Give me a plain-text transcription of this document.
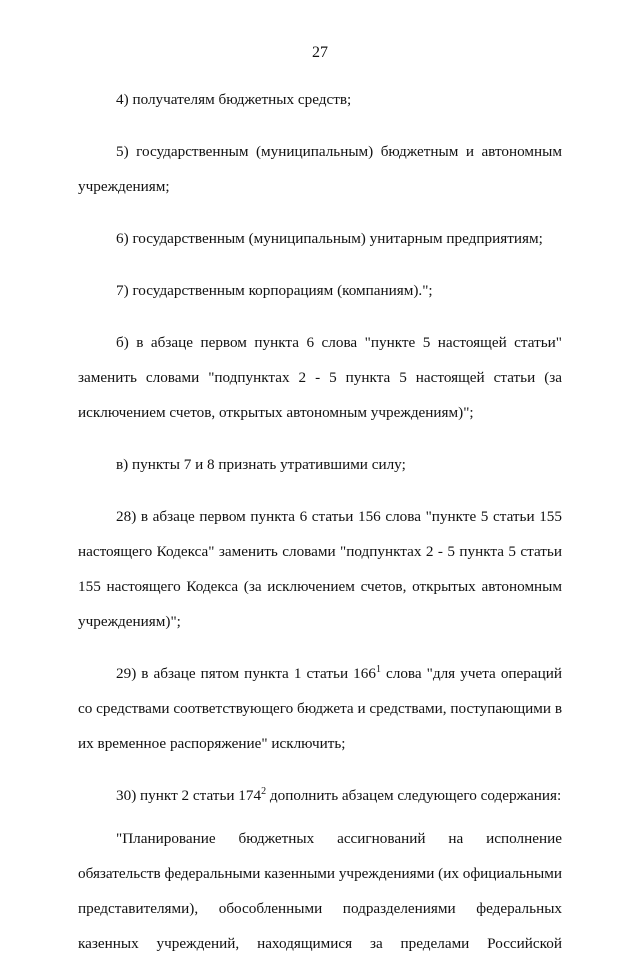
27

4) получателям бюджетных средств;

5) государственным (муниципальным) бюджетным и автономным учреждениям;

6) государственным (муниципальным) унитарным предприятиям;

7) государственным корпорациям (компаниям).";

б) в абзаце первом пункта 6 слова "пункте 5 настоящей статьи" заменить словами "подпунктах 2 - 5 пункта 5 настоящей статьи (за исключением счетов, открытых автономным учреждениям)";

в) пункты 7 и 8 признать утратившими силу;

28) в абзаце первом пункта 6 статьи 156 слова "пункте 5 статьи 155 настоящего Кодекса" заменить словами "подпунктах 2 - 5 пункта 5 статьи 155 настоящего Кодекса (за исключением счетов, открытых автономным учреждениям)";

29) в абзаце пятом пункта 1 статьи $166^1$ слова "для учета операций со средствами соответствующего бюджета и средствами, поступающими в их временное распоряжение" исключить;

30) пункт 2 статьи $174^2$ дополнить абзацем следующего содержания:

"Планирование бюджетных ассигнований на исполнение обязательств федеральными казенными учреждениями (их официальными представителями), обособленными подразделениями федеральных казенных учреждений, находящимися за пределами Российской
